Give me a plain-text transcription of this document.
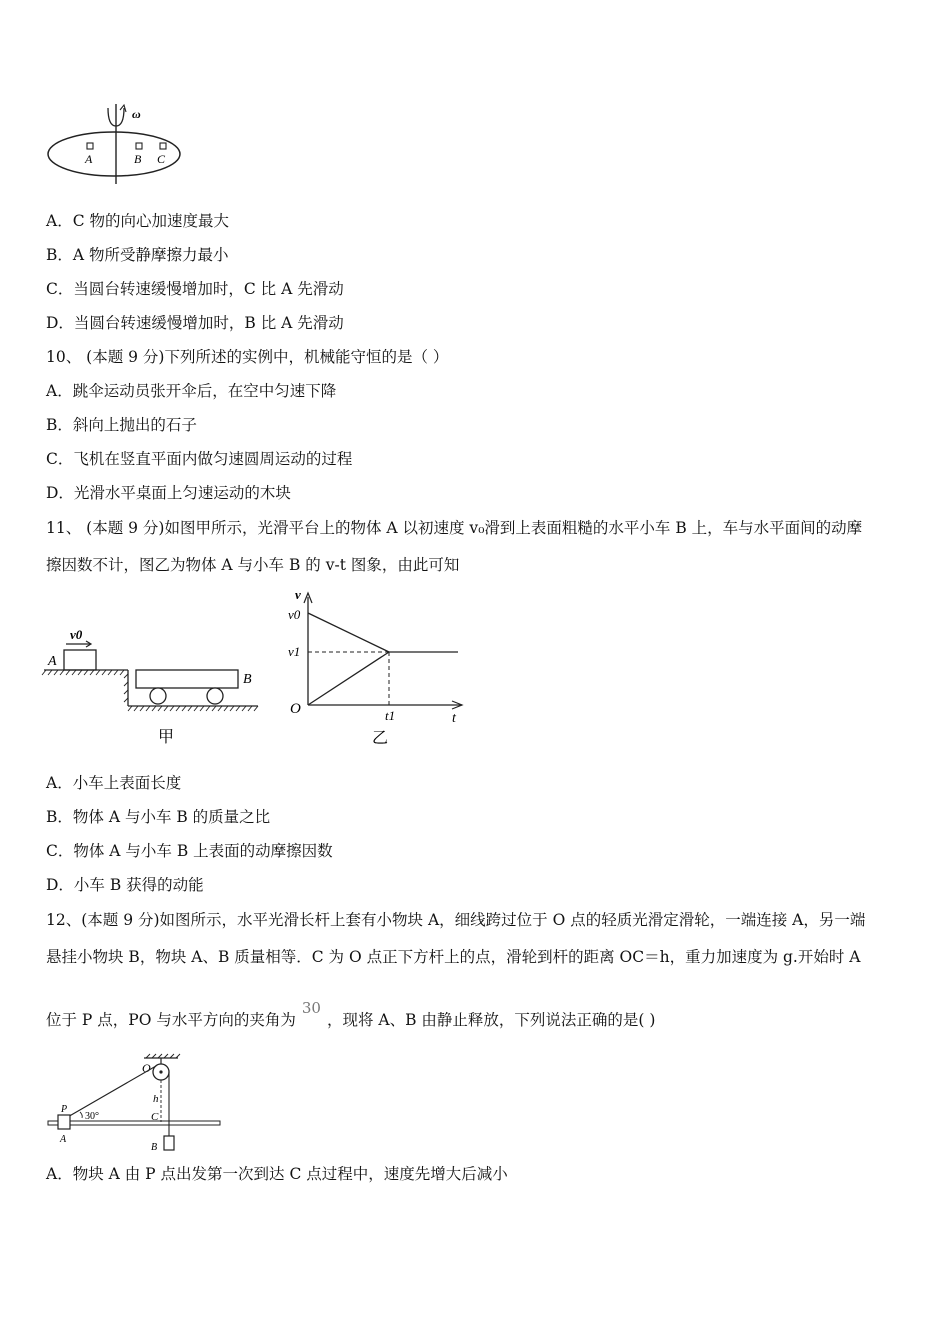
ω
A	B C
A．C 物的向心加速度最大
B．A 物所受静摩擦力最小
C．当圆台转速缓慢增加时，C 比 A 先滑动
D．当圆台转速缓慢增加时，B 比 A 先滑动
10、 (本题 9 分)下列所述的实例中，机械能守恒的是（ ）
A．跳伞运动员张开伞后，在空中匀速下降
B．斜向上抛出的石子
C．飞机在竖直平面内做匀速圆周运动的过程
D．光滑水平桌面上匀速运动的木块
11、 (本题 9 分)如图甲所示，光滑平台上的物体 A 以初速度 v₀滑到上表面粗糙的水平小车 B 上，车与水平面间的动摩
擦因数不计，图乙为物体 A 与小车 B 的 v-t 图象，由此可知
v0
A
B
甲
v
v0
v1
O	t1	t
乙
A．小车上表面长度
B．物体 A 与小车 B 的质量之比
C．物体 A 与小车 B 上表面的动摩擦因数
D．小车 B 获得的动能
12、(本题 9 分)如图所示，水平光滑长杆上套有小物块 A，细线跨过位于 O 点的轻质光滑定滑轮，一端连接 A，另一端
悬挂小物块 B，物块 A、B 质量相等．C 为 O 点正下方杆上的点，滑轮到杆的距离 OC＝h，重力加速度为 g.开始时 A
位于 P 点，PO 与水平方向的夹角为30，现将 A、B 由静止释放，下列说法正确的是( )
O
h
C
P
30°
A
B
A．物块 A 由 P 点出发第一次到达 C 点过程中，速度先增大后减小
